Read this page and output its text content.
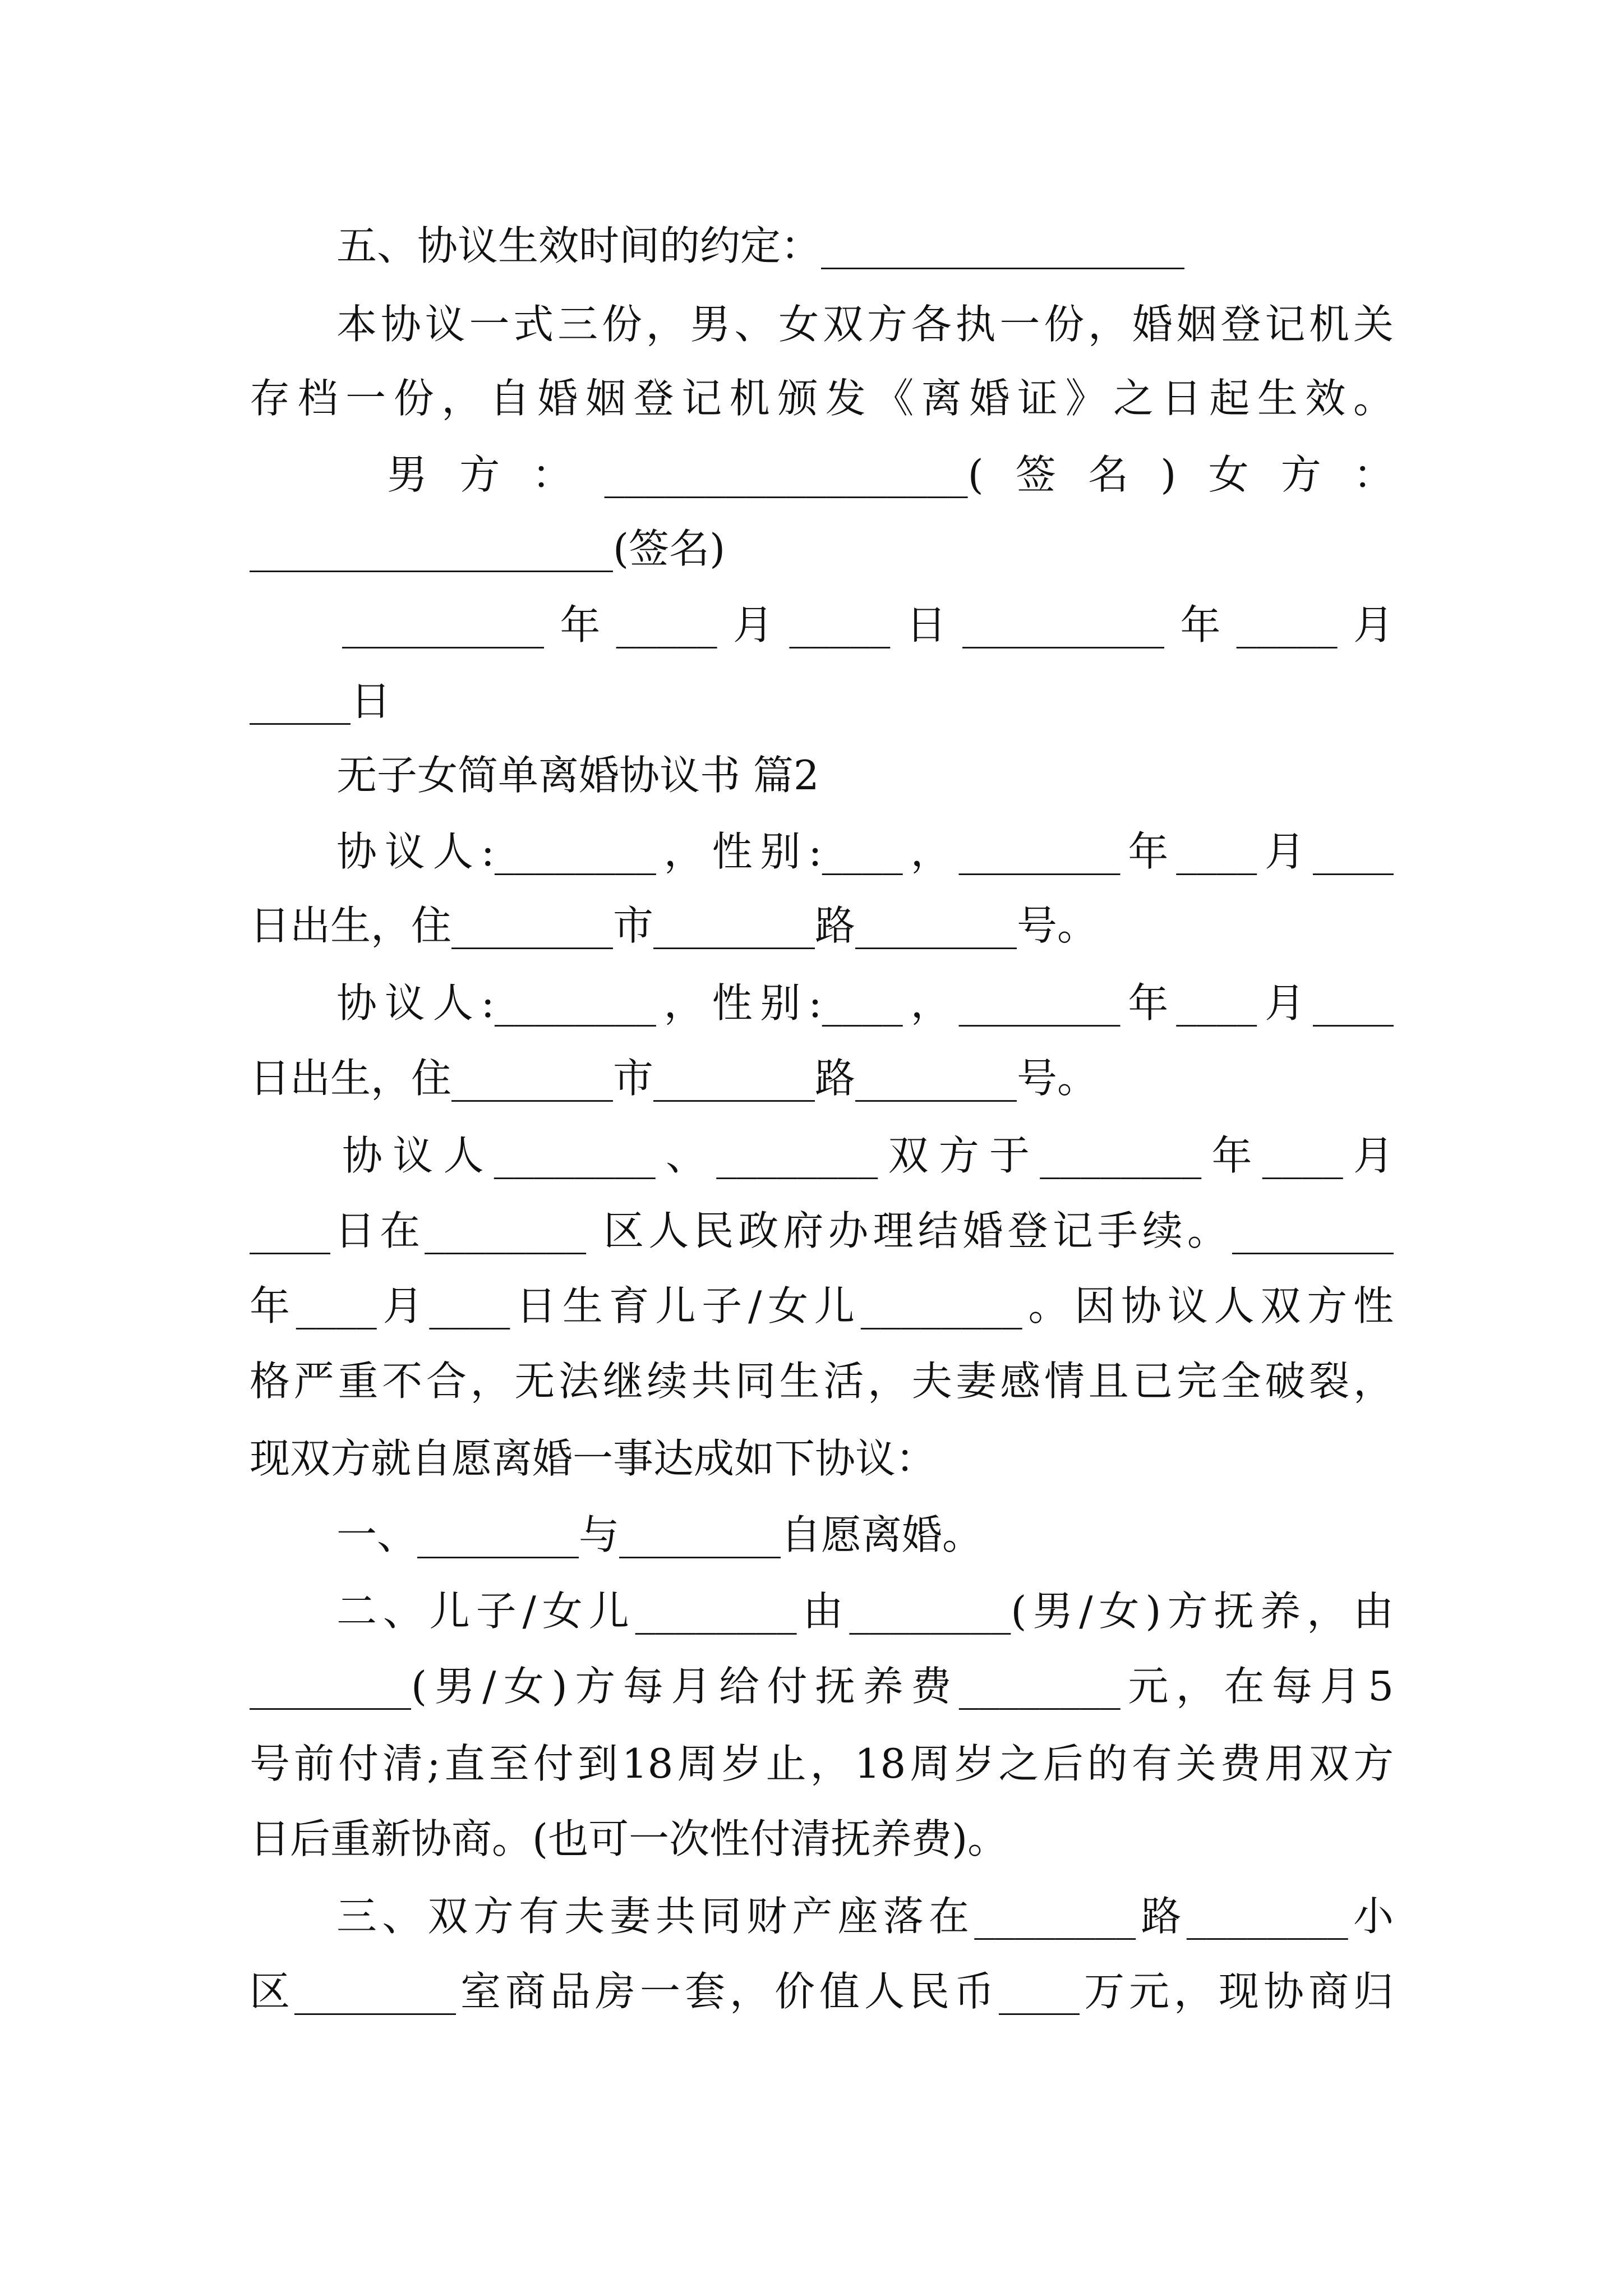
五、协议生效时间的约定：__________________
本协议一式三份，男、女双方各执一份，婚姻登记机关
存档一份，自婚姻登记机颁发《离婚证》之日起生效。
男方：__________________(签名)女方：
__________________(签名)
__________年_____月_____日__________年_____月
_____日
无子女简单离婚协议书 篇2
协议人:________，性别:____，________年____月____
日出生，住________市________路________号。
协议人:________，性别:____，________年____月____
日出生，住________市________路________号。
协议人________、________双方于________年____月
____日在________ 区人民政府办理结婚登记手续。________
年____月____日生育儿子/女儿________。因协议人双方性
格严重不合，无法继续共同生活，夫妻感情且已完全破裂，
现双方就自愿离婚一事达成如下协议：
一、________与________自愿离婚。
二、儿子/女儿________由________(男/女)方抚养，由
________(男/女)方每月给付抚养费________元，在每月5
号前付清;直至付到18周岁止，18周岁之后的有关费用双方
日后重新协商。(也可一次性付清抚养费)。
三、双方有夫妻共同财产座落在________路________小
区________室商品房一套，价值人民币____万元，现协商归
